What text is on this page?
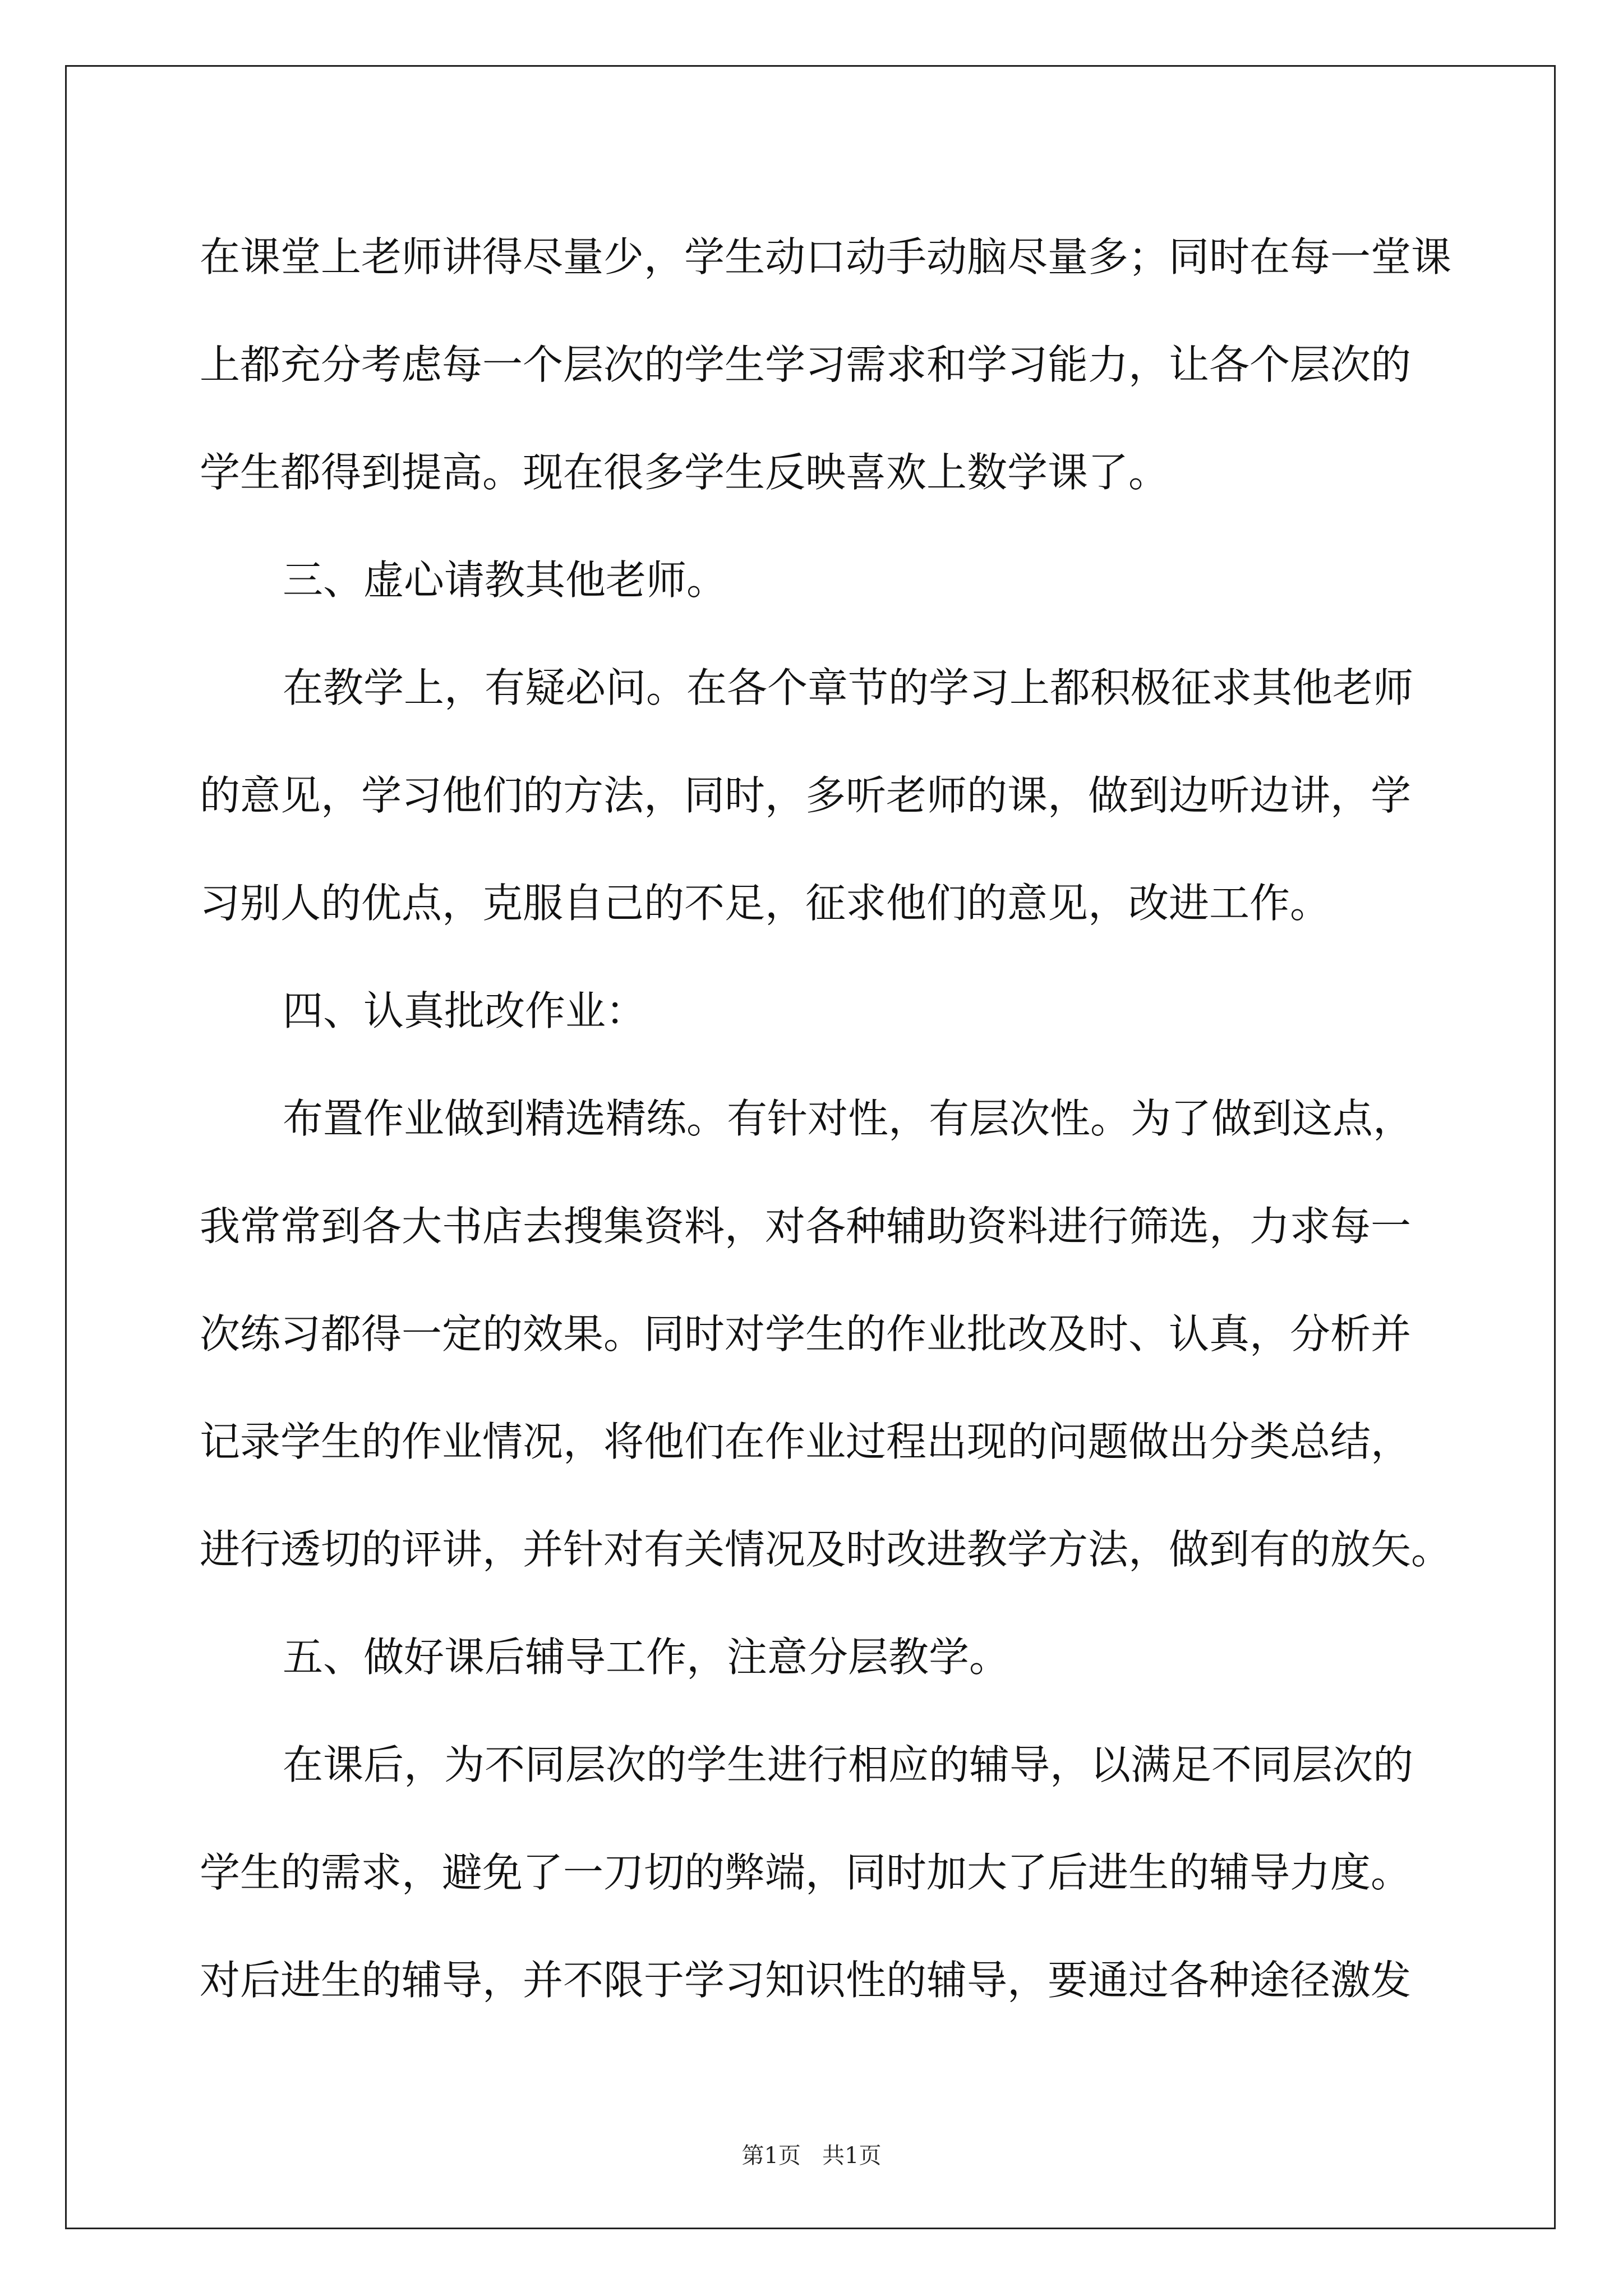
在课堂上老师讲得尽量少，学生动口动手动脑尽量多；同时在每一堂课
上都充分考虑每一个层次的学生学习需求和学习能力，让各个层次的
学生都得到提高。现在很多学生反映喜欢上数学课了。
三、虚心请教其他老师。
在教学上，有疑必问。在各个章节的学习上都积极征求其他老师
的意见，学习他们的方法，同时，多听老师的课，做到边听边讲，学
习别人的优点，克服自己的不足，征求他们的意见，改进工作。
四、认真批改作业：
布置作业做到精选精练。有针对性，有层次性。为了做到这点，
我常常到各大书店去搜集资料，对各种辅助资料进行筛选，力求每一
次练习都得一定的效果。同时对学生的作业批改及时、认真，分析并
记录学生的作业情况，将他们在作业过程出现的问题做出分类总结，
进行透切的评讲，并针对有关情况及时改进教学方法，做到有的放矢。
五、做好课后辅导工作，注意分层教学。
在课后，为不同层次的学生进行相应的辅导，以满足不同层次的
学生的需求，避免了一刀切的弊端，同时加大了后进生的辅导力度。
对后进生的辅导，并不限于学习知识性的辅导，要通过各种途径激发
第1页   共1页
